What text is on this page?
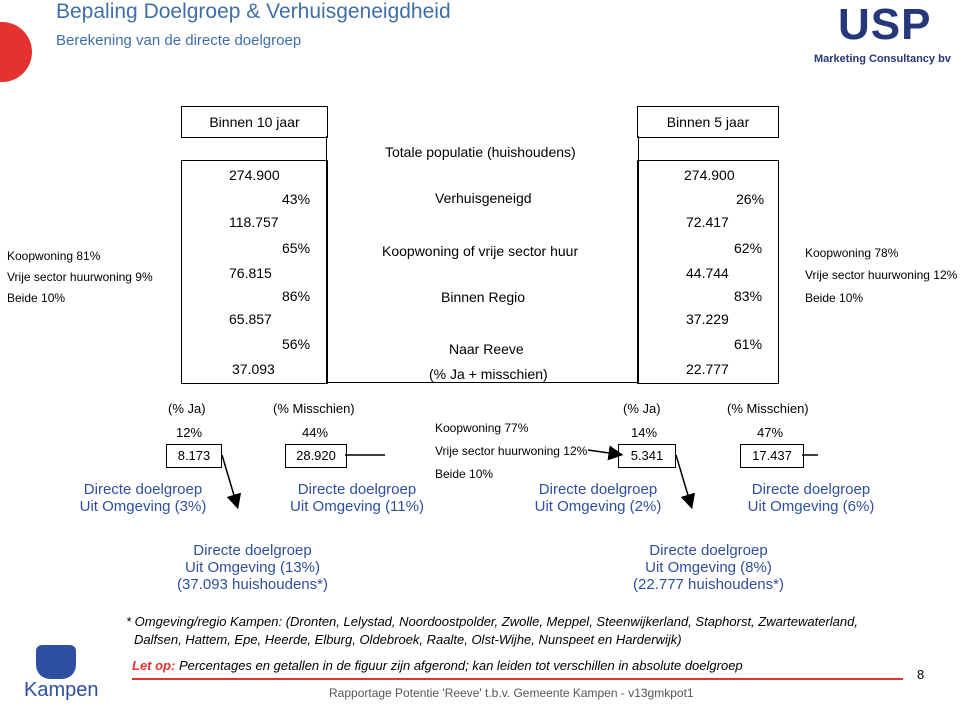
Bepaling Doelgroep & Verhuisgeneigdheid
Berekening van de directe doelgroep	USP
Marketing Consultancy bv
Binnen 10 jaar	Binnen 5 jaar
Totale populatie (huishoudens)
Verhuisgeneigd
Koopwoning of vrije sector huur
Binnen Regio
Naar Reeve
(% Ja + misschien)
274.900
43%
118.757
65%
76.815
86%
65.857
56%
37.093
274.900
26%
72.417
62%
44.744
83%
37.229
61%
22.777
Koopwoning 81%
Vrije sector huurwoning 9%
Beide 10%
Koopwoning 78%
Vrije sector huurwoning 12%
Beide 10%
(% Ja)	(% Misschien)	(% Ja)	(% Misschien)
12%	44%	14%	47%
8.173	28.920	5.341	17.437
Koopwoning 77%
Vrije sector huurwoning 12%
Beide 10%
Directe doelgroep
Uit Omgeving (3%)
Directe doelgroep
Uit Omgeving (11%)
Directe doelgroep
Uit Omgeving (2%)
Directe doelgroep
Uit Omgeving (6%)
Directe doelgroep
Uit Omgeving (13%)
(37.093 huishoudens*)
Directe doelgroep
Uit Omgeving (8%)
(22.777 huishoudens*)
* Omgeving/regio Kampen: (Dronten, Lelystad, Noordoostpolder, Zwolle, Meppel, Steenwijkerland, Staphorst, Zwartewaterland,
Dalfsen, Hattem, Epe, Heerde, Elburg, Oldebroek, Raalte, Olst-Wijhe, Nunspeet en Harderwijk)
Let op: Percentages en getallen in de figuur zijn afgerond; kan leiden tot verschillen in absolute doelgroep
Kampen	Rapportage Potentie 'Reeve' t.b.v. Gemeente Kampen - v13gmkpot1
8
